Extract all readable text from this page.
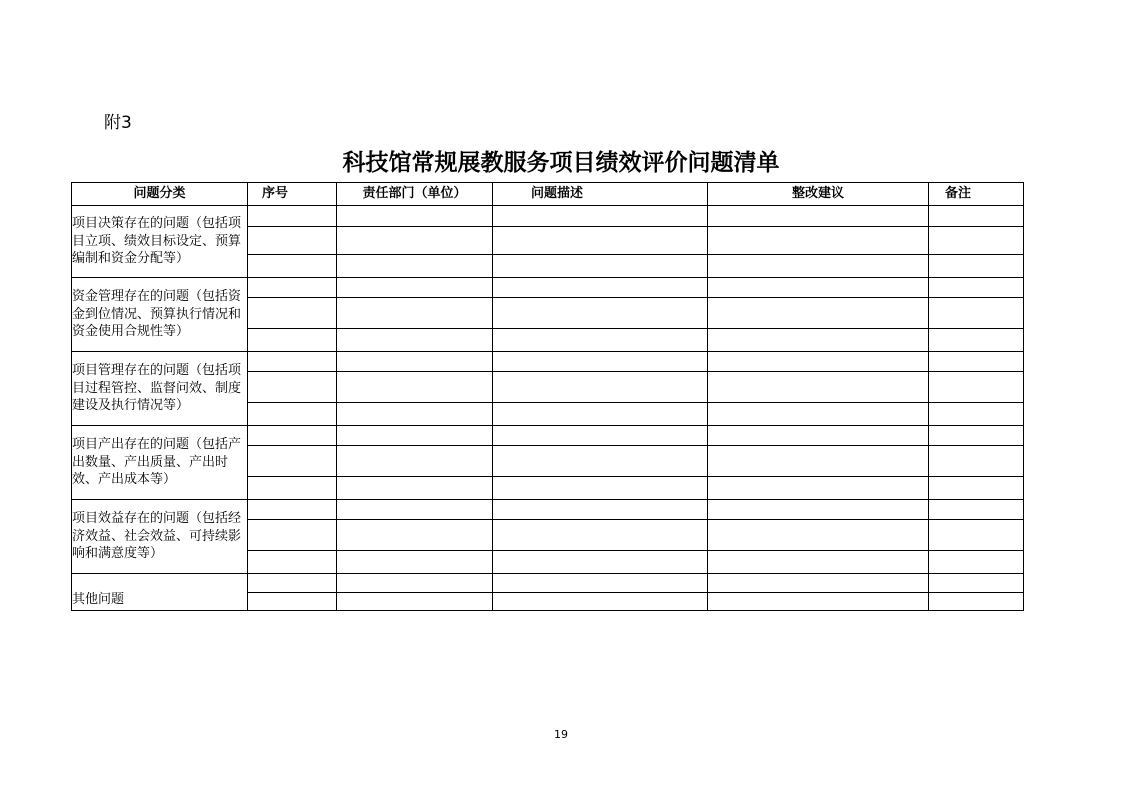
附3
科技馆常规展教服务项目绩效评价问题清单
问题分类	序号	责任部门（单位）	问题描述	整改建议	备注
项目决策存在的问题（包括项目立项、绩效目标设定、预算编制和资金分配等）					

资金管理存在的问题（包括资金到位情况、预算执行情况和资金使用合规性等）					

项目管理存在的问题（包括项目过程管控、监督问效、制度建设及执行情况等）					

项目产出存在的问题（包括产出数量、产出质量、产出时效、产出成本等）					

项目效益存在的问题（包括经济效益、社会效益、可持续影响和满意度等）					

其他问题					

19
